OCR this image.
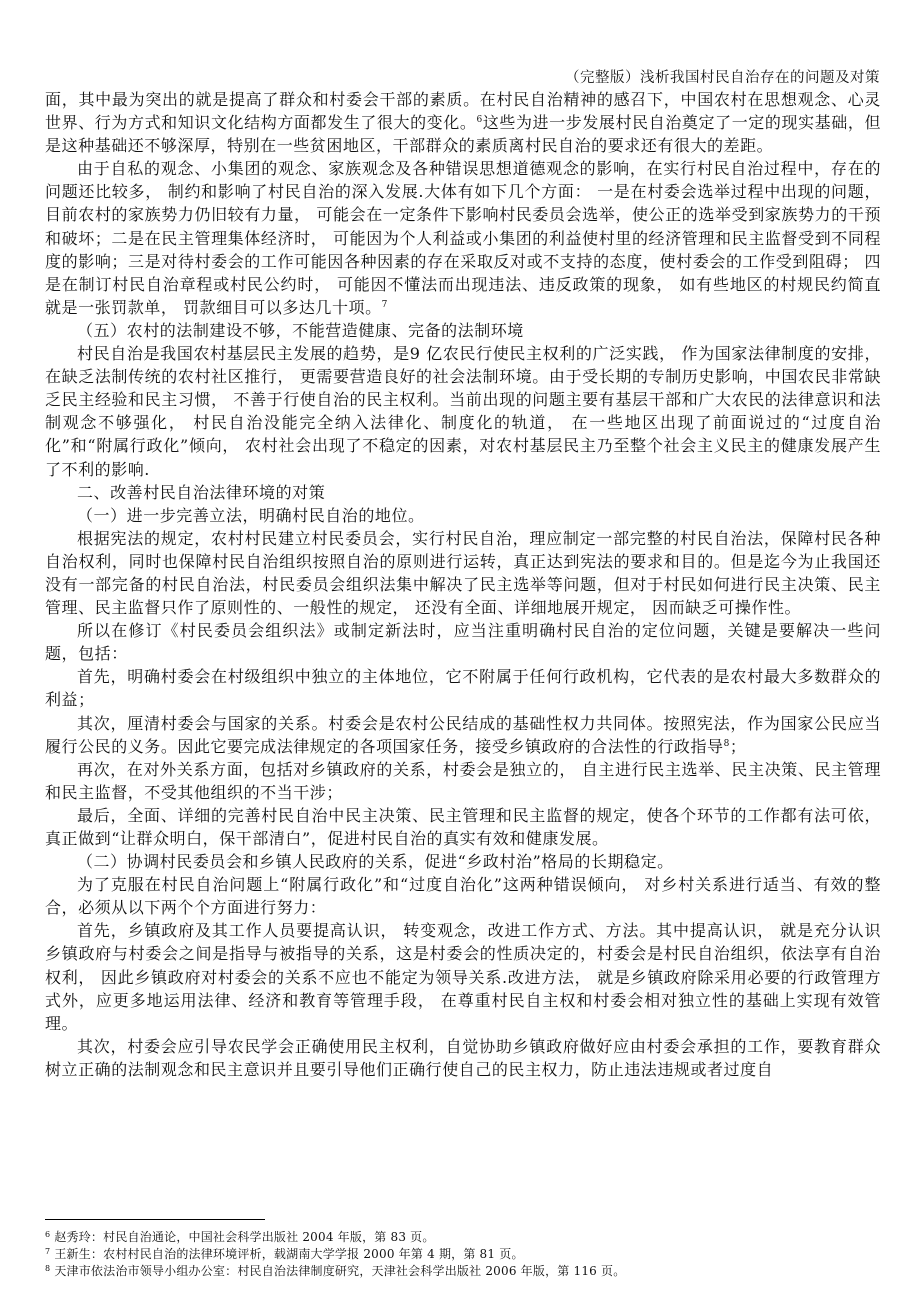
（完整版）浅析我国村民自治存在的问题及对策

面，其中最为突出的就是提高了群众和村委会干部的素质。在村民自治精神的感召下，中国农村在思想观念、心灵世界、行为方式和知识文化结构方面都发生了很大的变化。$^6$这些为进一步发展村民自治奠定了一定的现实基础，但是这种基础还不够深厚，特别在一些贫困地区，干部群众的素质离村民自治的要求还有很大的差距。

由于自私的观念、小集团的观念、家族观念及各种错误思想道德观念的影响，在实行村民自治过程中，存在的问题还比较多， 制约和影响了村民自治的深入发展.大体有如下几个方面： 一是在村委会选举过程中出现的问题， 目前农村的家族势力仍旧较有力量， 可能会在一定条件下影响村民委员会选举，使公正的选举受到家族势力的干预和破坏；二是在民主管理集体经济时， 可能因为个人利益或小集团的利益使村里的经济管理和民主监督受到不同程度的影响；三是对待村委会的工作可能因各种因素的存在采取反对或不支持的态度，使村委会的工作受到阻碍； 四是在制订村民自治章程或村民公约时， 可能因不懂法而出现违法、违反政策的现象， 如有些地区的村规民约简直就是一张罚款单， 罚款细目可以多达几十项。$^7$

（五）农村的法制建设不够，不能营造健康、完备的法制环境

村民自治是我国农村基层民主发展的趋势，是9 亿农民行使民主权利的广泛实践， 作为国家法律制度的安排， 在缺乏法制传统的农村社区推行， 更需要营造良好的社会法制环境。由于受长期的专制历史影响，中国农民非常缺乏民主经验和民主习惯， 不善于行使自治的民主权利。当前出现的问题主要有基层干部和广大农民的法律意识和法制观念不够强化， 村民自治没能完全纳入法律化、制度化的轨道， 在一些地区出现了前面说过的“过度自治化”和“附属行政化”倾向， 农村社会出现了不稳定的因素，对农村基层民主乃至整个社会主义民主的健康发展产生了不利的影响.

二、改善村民自治法律环境的对策

（一）进一步完善立法，明确村民自治的地位。

根据宪法的规定，农村村民建立村民委员会，实行村民自治，理应制定一部完整的村民自治法，保障村民各种自治权利，同时也保障村民自治组织按照自治的原则进行运转，真正达到宪法的要求和目的。但是迄今为止我国还没有一部完备的村民自治法，村民委员会组织法集中解决了民主选举等问题，但对于村民如何进行民主决策、民主管理、民主监督只作了原则性的、一般性的规定， 还没有全面、详细地展开规定， 因而缺乏可操作性。

所以在修订《村民委员会组织法》或制定新法时，应当注重明确村民自治的定位问题，关键是要解决一些问题，包括：

首先，明确村委会在村级组织中独立的主体地位，它不附属于任何行政机构，它代表的是农村最大多数群众的利益；

其次，厘清村委会与国家的关系。村委会是农村公民结成的基础性权力共同体。按照宪法，作为国家公民应当履行公民的义务。因此它要完成法律规定的各项国家任务，接受乡镇政府的合法性的行政指导$^8$；

再次，在对外关系方面，包括对乡镇政府的关系，村委会是独立的， 自主进行民主选举、民主决策、民主管理和民主监督，不受其他组织的不当干涉；

最后，全面、详细的完善村民自治中民主决策、民主管理和民主监督的规定，使各个环节的工作都有法可依，真正做到“让群众明白，保干部清白”，促进村民自治的真实有效和健康发展。

（二）协调村民委员会和乡镇人民政府的关系，促进“乡政村治”格局的长期稳定。

为了克服在村民自治问题上“附属行政化”和“过度自治化”这两种错误倾向， 对乡村关系进行适当、有效的整合，必须从以下两个个方面进行努力：

首先，乡镇政府及其工作人员要提高认识， 转变观念，改进工作方式、方法。其中提高认识， 就是充分认识乡镇政府与村委会之间是指导与被指导的关系，这是村委会的性质决定的，村委会是村民自治组织，依法享有自治权利， 因此乡镇政府对村委会的关系不应也不能定为领导关系.改进方法， 就是乡镇政府除采用必要的行政管理方式外，应更多地运用法律、经济和教育等管理手段， 在尊重村民自主权和村委会相对独立性的基础上实现有效管理。

其次，村委会应引导农民学会正确使用民主权利，自觉协助乡镇政府做好应由村委会承担的工作，要教育群众树立正确的法制观念和民主意识并且要引导他们正确行使自己的民主权力，防止违法违规或者过度自

$^6$ 赵秀玲：村民自治通论，中国社会科学出版社 2004 年版，第 83 页。

$^7$ 王新生：农村村民自治的法律环境评析，载湖南大学学报 2000 年第 4 期，第 81 页。

$^8$ 天津市依法治市领导小组办公室：村民自治法律制度研究，天津社会科学出版社 2006 年版，第 116 页。
